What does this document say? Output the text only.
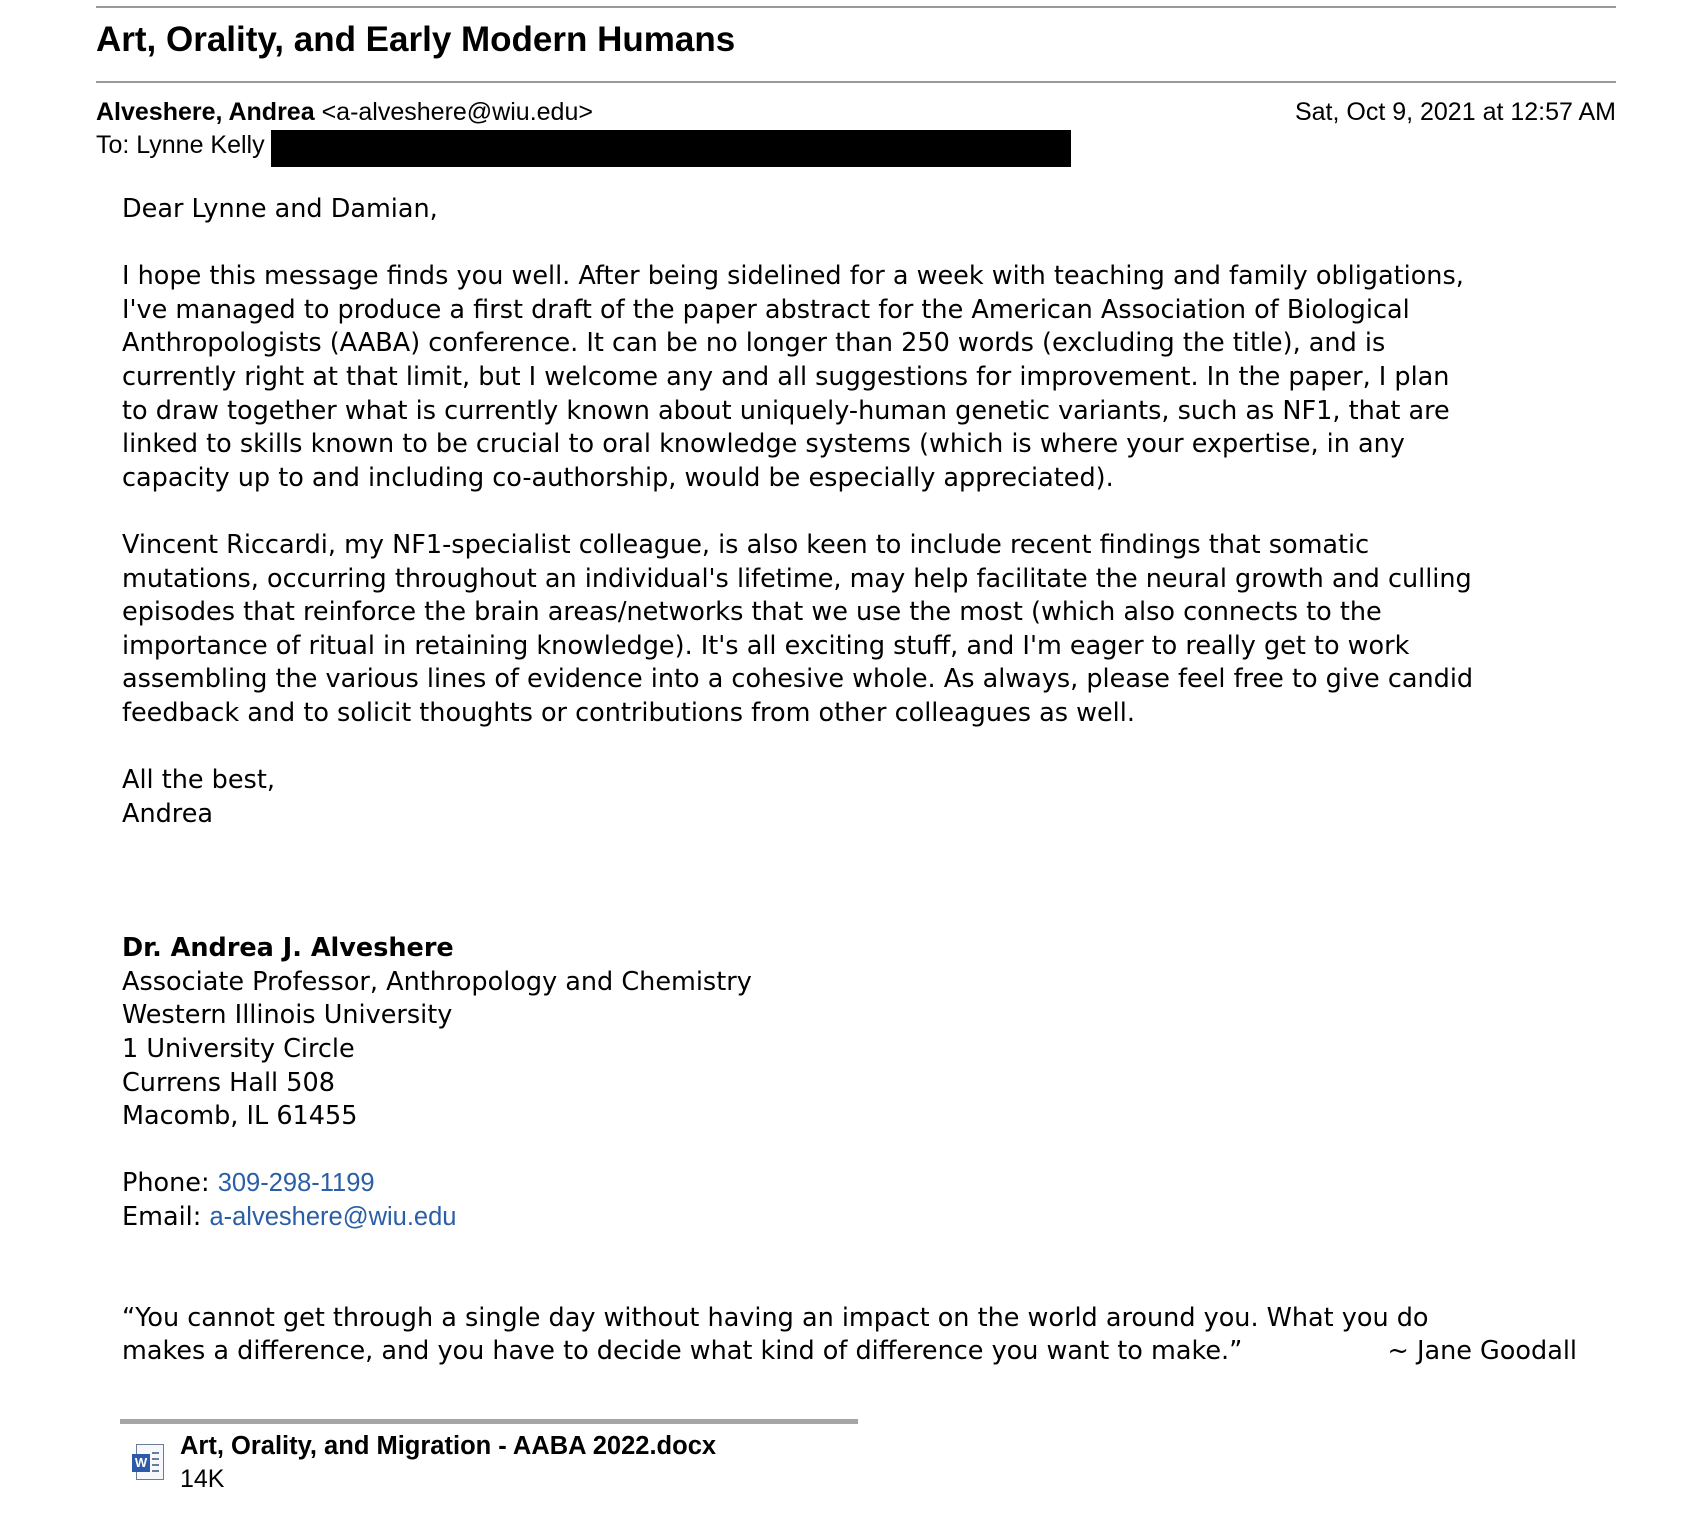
Art, Orality, and Early Modern Humans
Alveshere, Andrea <a-alveshere@wiu.edu>	Sat, Oct 9, 2021 at 12:57 AM
To: Lynne Kelly

Dear Lynne and Damian,

I hope this message finds you well. After being sidelined for a week with teaching and family obligations,

I've managed to produce a first draft of the paper abstract for the American Association of Biological

Anthropologists (AABA) conference. It can be no longer than 250 words (excluding the title), and is

currently right at that limit, but I welcome any and all suggestions for improvement. In the paper, I plan

to draw together what is currently known about uniquely-human genetic variants, such as NF1, that are

linked to skills known to be crucial to oral knowledge systems (which is where your expertise, in any

capacity up to and including co-authorship, would be especially appreciated).

Vincent Riccardi, my NF1-specialist colleague, is also keen to include recent findings that somatic

mutations, occurring throughout an individual's lifetime, may help facilitate the neural growth and culling

episodes that reinforce the brain areas/networks that we use the most (which also connects to the

importance of ritual in retaining knowledge). It's all exciting stuff, and I'm eager to really get to work

assembling the various lines of evidence into a cohesive whole. As always, please feel free to give candid

feedback and to solicit thoughts or contributions from other colleagues as well.

All the best,

Andrea

Dr. Andrea J. Alveshere

Associate Professor, Anthropology and Chemistry

Western Illinois University

1 University Circle

Currens Hall 508

Macomb, IL 61455

Phone: 309-298-1199

Email: a-alveshere@wiu.edu

“You cannot get through a single day without having an impact on the world around you. What you do

makes a difference, and you have to decide what kind of difference you want to make.”	~ Jane Goodall
W
Art, Orality, and Migration - AABA 2022.docx
14K
